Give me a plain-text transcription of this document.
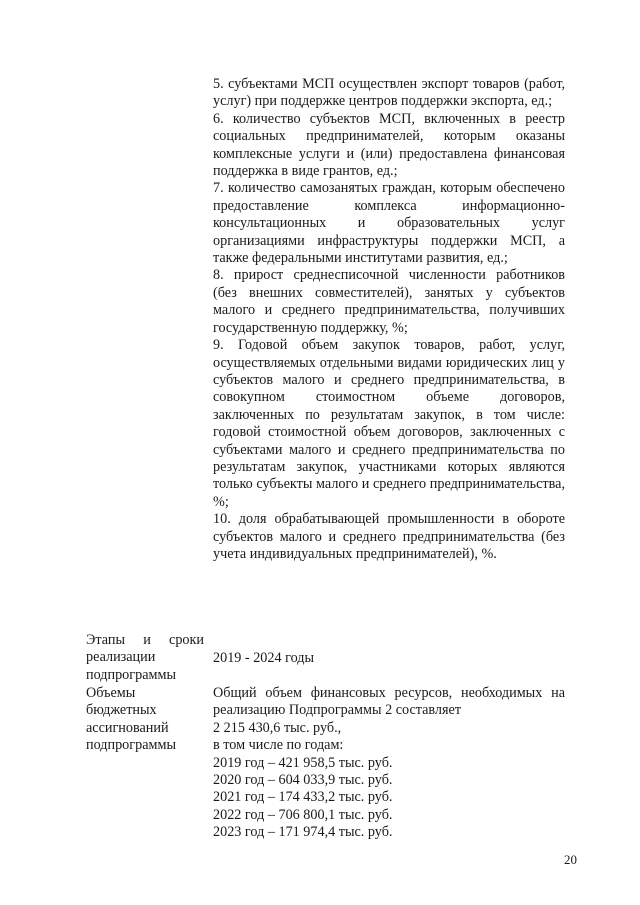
5. субъектами МСП осуществлен экспорт товаров (работ, услуг) при поддержке центров поддержки экспорта, ед.;

6. количество субъектов МСП, включенных в реестр социальных предпринимателей, которым оказаны комплексные услуги и (или) предоставлена финансовая поддержка в виде грантов, ед.;

7. количество самозанятых граждан, которым обеспечено предоставление комплекса информационно-консультационных и образовательных услуг организациями инфраструктуры поддержки МСП, а также федеральными институтами развития, ед.;

8. прирост среднесписочной численности работников (без внешних совместителей), занятых у субъектов малого и среднего предпринимательства, получивших государственную поддержку, %;

9. Годовой объем закупок товаров, работ, услуг, осуществляемых отдельными видами юридических лиц у субъектов малого и среднего предпринимательства, в совокупном стоимостном объеме договоров, заключенных по результатам закупок, в том числе: годовой стоимостной объем договоров, заключенных с субъектами малого и среднего предпринимательства по результатам закупок, участниками которых являются только субъекты малого и среднего предпринимательства, %;

10. доля обрабатывающей промышленности в обороте субъектов малого и среднего предпринимательства (без учета индивидуальных предпринимателей), %.

Этапы и сроки
реализации
подпрограммы
2019 - 2024 годы
Объемы
бюджетных
ассигнований
подпрограммы

Общий объем финансовых ресурсов, необходимых на реализацию Подпрограммы 2 составляет

2 215 430,6 тыс. руб.,
в том числе по годам:
2019 год – 421 958,5 тыс. руб.
2020 год – 604 033,9 тыс. руб.
2021 год – 174 433,2 тыс. руб.
2022 год – 706 800,1 тыс. руб.
2023 год – 171 974,4 тыс. руб.
20
